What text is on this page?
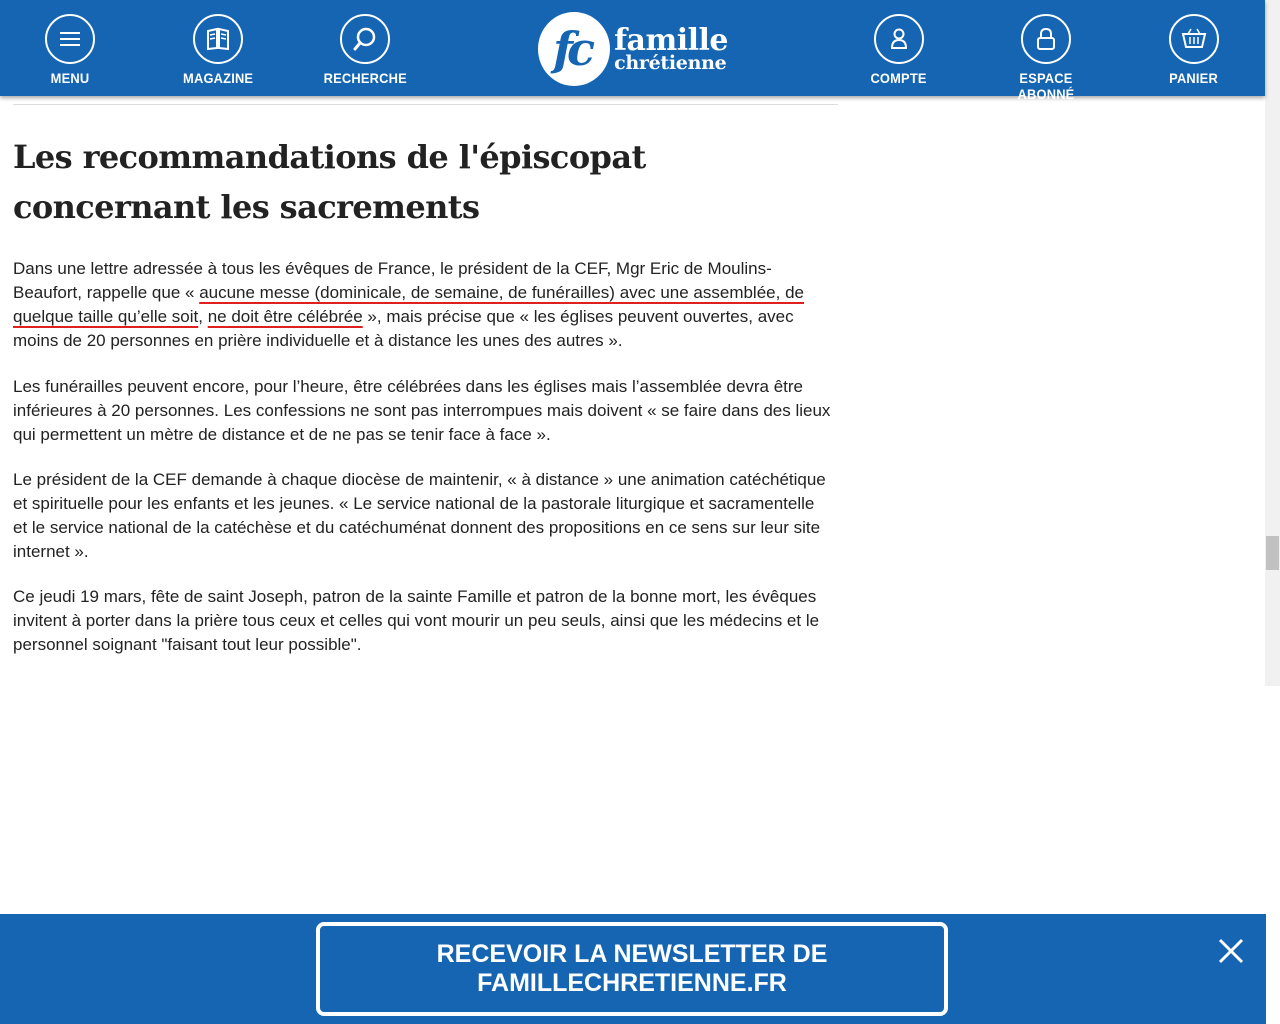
MENU	MAGAZINE	RECHERCHE
fc famille
chrétienne
COMPTE	ESPACE ABONNÉ
PANIER
Les recommandations de l'épiscopat concernant les sacrements

Dans une lettre adressée à tous les évêques de France, le président de la CEF, Mgr Eric de Moulins-Beaufort, rappelle que « aucune messe (dominicale, de semaine, de funérailles) avec une assemblée, de quelque taille qu’elle soit, ne doit être célébrée », mais précise que « les églises peuvent ouvertes, avec moins de 20 personnes en prière individuelle et à distance les unes des autres ».

Les funérailles peuvent encore, pour l’heure, être célébrées dans les églises mais l’assemblée devra être inférieures à 20 personnes. Les confessions ne sont pas interrompues mais doivent « se faire dans des lieux qui permettent un mètre de distance et de ne pas se tenir face à face ».

Le président de la CEF demande à chaque diocèse de maintenir, « à distance » une animation catéchétique et spirituelle pour les enfants et les jeunes. « Le service national de la pastorale liturgique et sacramentelle et le service national de la catéchèse et du catéchuménat donnent des propositions en ce sens sur leur site internet ».

Ce jeudi 19 mars, fête de saint Joseph, patron de la sainte Famille et patron de la bonne mort, les évêques invitent à porter dans la prière tous ceux et celles qui vont mourir un peu seuls, ainsi que les médecins et le personnel soignant "faisant tout leur possible".

RECEVOIR LA NEWSLETTER DE
FAMILLECHRETIENNE.FR
